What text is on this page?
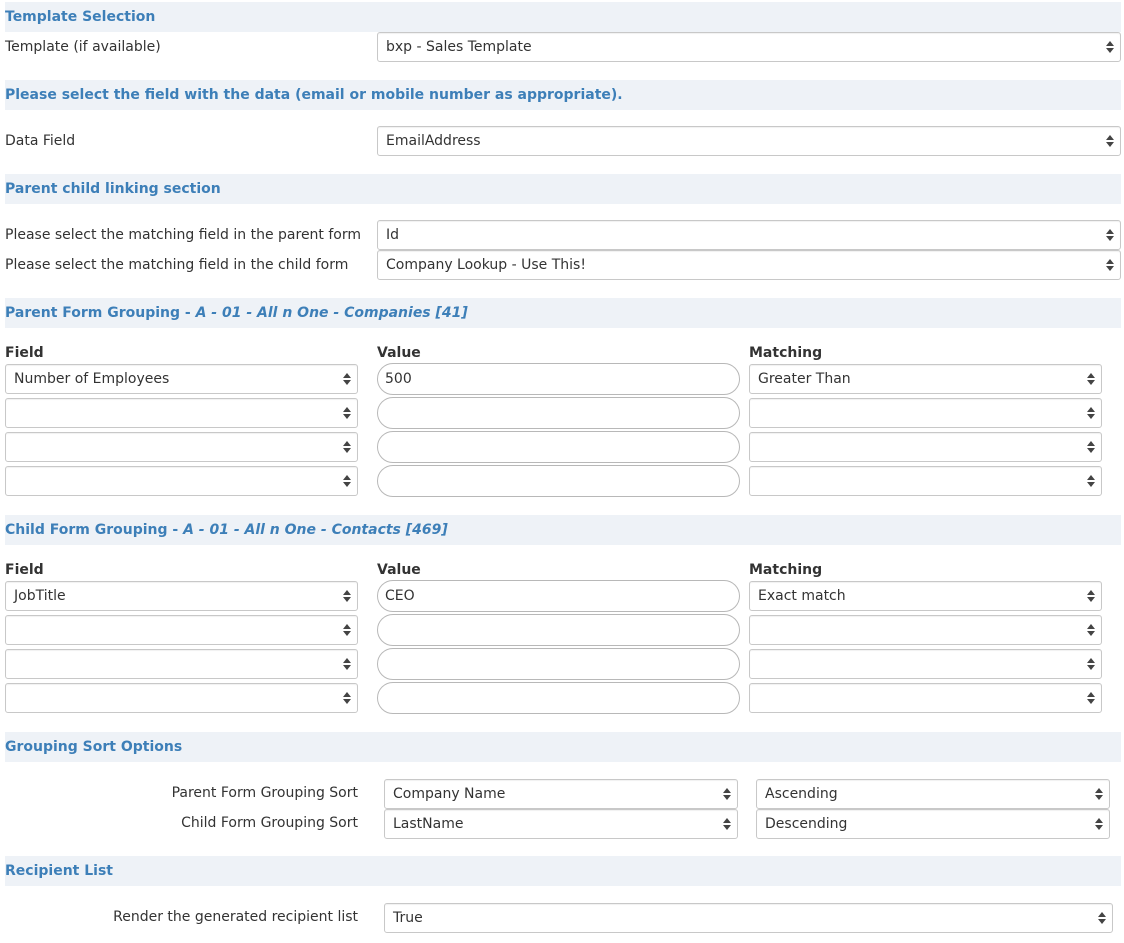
Template Selection
Template (if available)	bxp - Sales Template
Please select the field with the data (email or mobile number as appropriate).
Data Field	EmailAddress
Parent child linking section
Please select the matching field in the parent form	Id
Please select the matching field in the child form	Company Lookup - Use This!
Parent Form Grouping - A - 01 - All n One - Companies [41]
Field	Value	Matching
Number of Employees	500	Greater Than
Child Form Grouping - A - 01 - All n One - Contacts [469]
Field	Value	Matching
JobTitle	CEO	Exact match
Grouping Sort Options
Parent Form Grouping Sort	Company Name	Ascending
Child Form Grouping Sort	LastName	Descending
Recipient List
Render the generated recipient list	True
